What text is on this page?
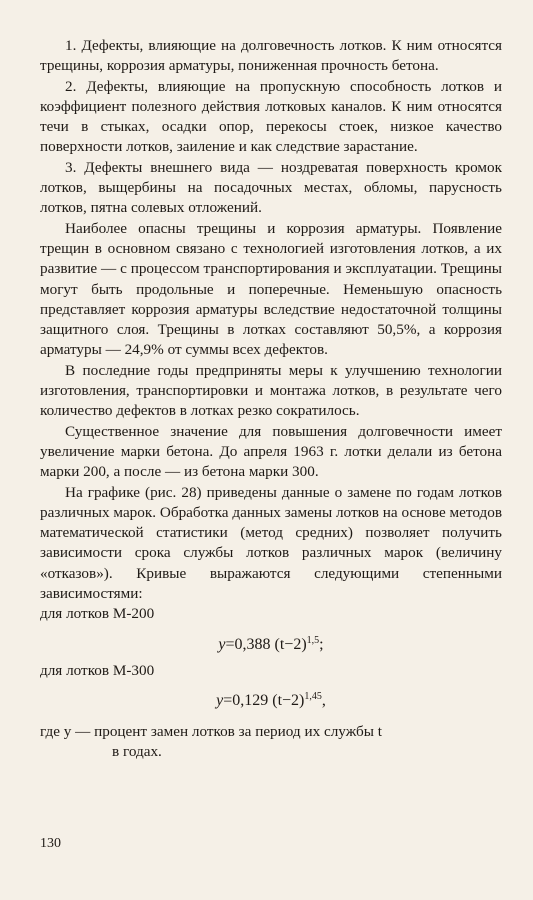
1. Дефекты, влияющие на долговечность лотков. К ним относятся трещины, коррозия арматуры, пониженная прочность бетона.

2. Дефекты, влияющие на пропускную способность лотков и коэффициент полезного действия лотковых каналов. К ним относятся течи в стыках, осадки опор, перекосы стоек, низкое качество поверхности лотков, заиление и как следствие зарастание.

3. Дефекты внешнего вида — ноздреватая поверхность кромок лотков, выщербины на посадочных местах, обломы, парусность лотков, пятна солевых отложений.

Наиболее опасны трещины и коррозия арматуры. Появление трещин в основном связано с технологией изготовления лотков, а их развитие — с процессом транспортирования и эксплуатации. Трещины могут быть продольные и поперечные. Неменьшую опасность представляет коррозия арматуры вследствие недостаточной толщины защитного слоя. Трещины в лотках составляют 50,5%, а коррозия арматуры — 24,9% от суммы всех дефектов.

В последние годы предприняты меры к улучшению технологии изготовления, транспортировки и монтажа лотков, в результате чего количество дефектов в лотках резко сократилось.

Существенное значение для повышения долговечности имеет увеличение марки бетона. До апреля 1963 г. лотки делали из бетона марки 200, а после — из бетона марки 300.

На графике (рис. 28) приведены данные о замене по годам лотков различных марок. Обработка данных замены лотков на основе методов математической статистики (метод средних) позволяет получить зависимости срока службы лотков различных марок (величину «отказов»). Кривые выражаются следующими степенными зависимостями:

для лотков М-200

y=0,388 $(t-2)^{1,5}$;

для лотков М-300

y=0,129 $(t-2)^{1,45}$,

где y — процент замен лотков за период их службы t
в годах.

130
